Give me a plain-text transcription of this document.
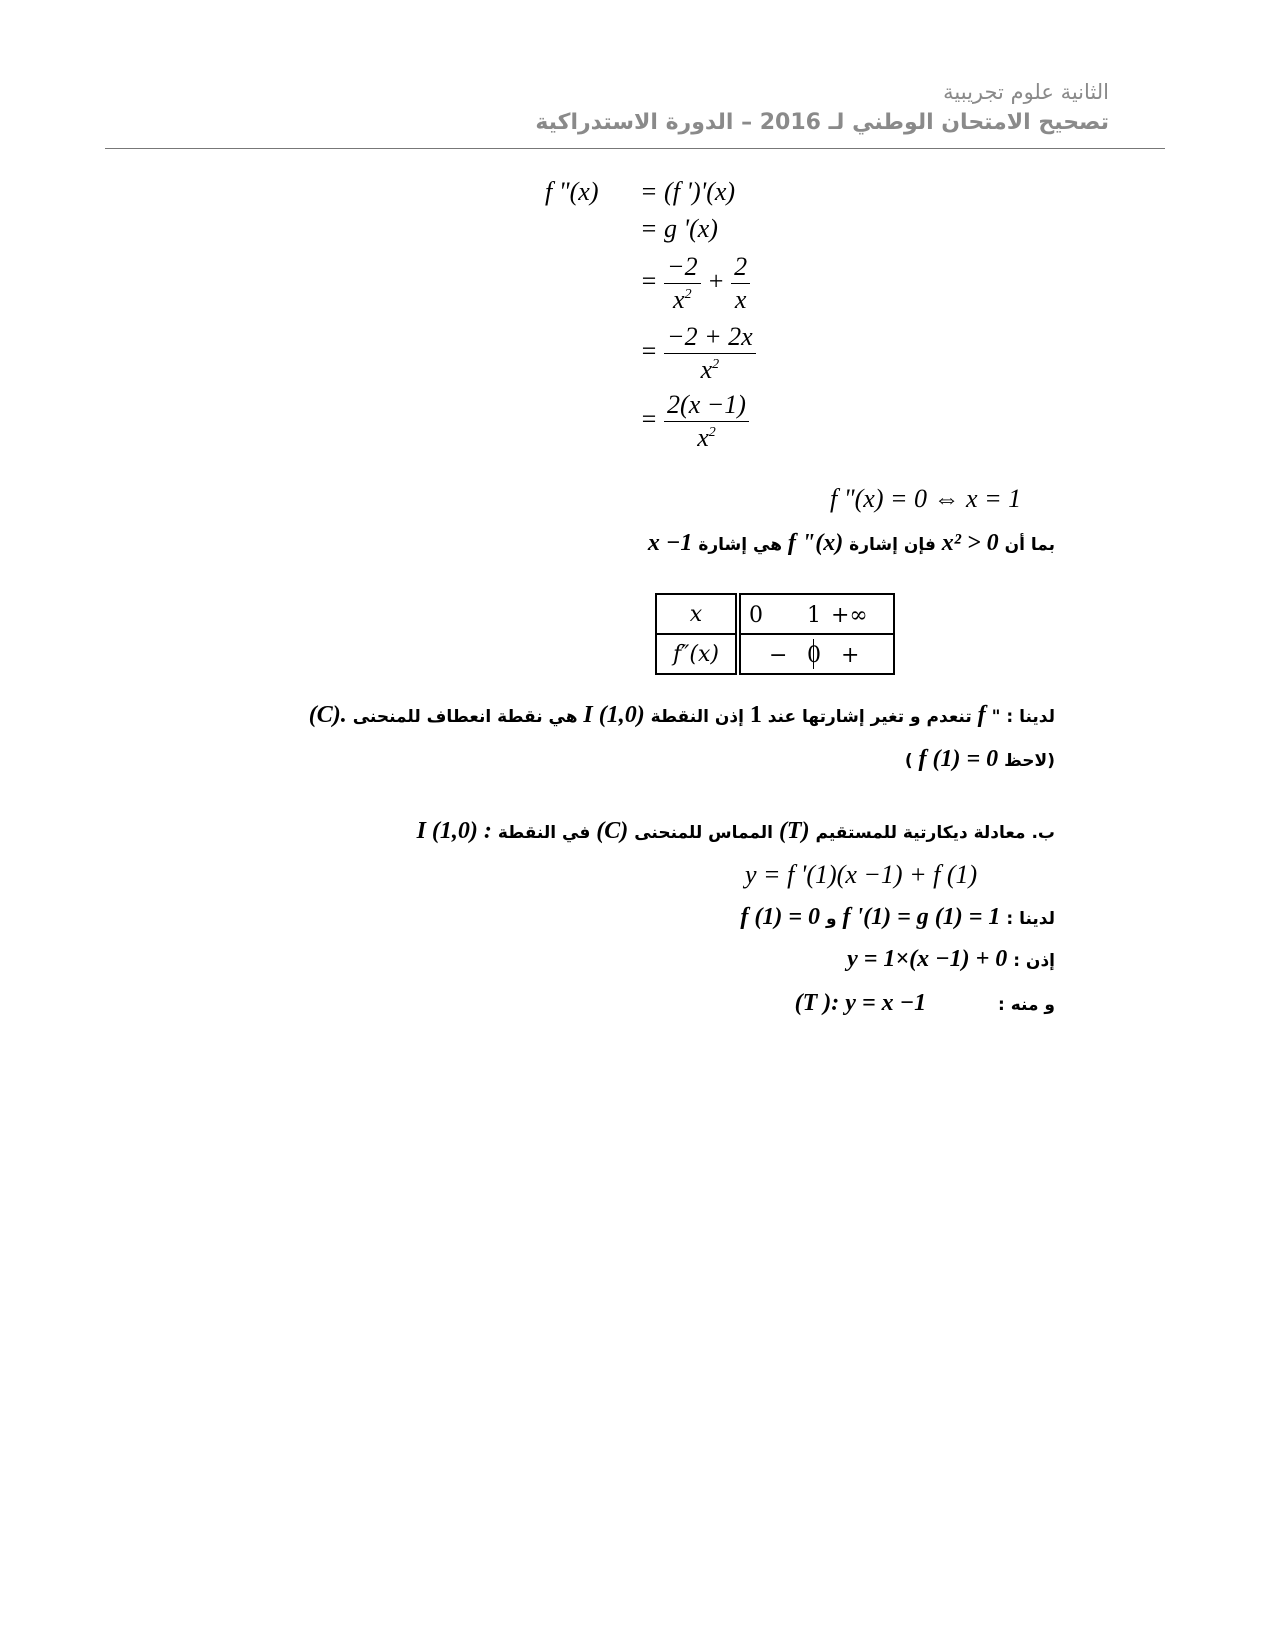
الثانية علوم تجريبية
تصحيح الامتحان الوطني لـ 2016 – الدورة الاستدراكية
f "(x) = (f ')'(x)
= g '(x)
= $\frac{-2}{x^2} + \frac{2}{x}$
= $\frac{-2 + 2x}{x^2}$
= $\frac{2(x -1)}{x^2}$
f "(x) = 0 ⇔ x = 1
بما أن x² > 0 فإن إشارة f "(x) هي إشارة x −1
x	0 1 +∞

f″(x)	− 0 +
لدينا : " f تنعدم و تغير إشارتها عند 1 إذن النقطة I (1,0) هي نقطة انعطاف للمنحنى (C).
(لاحظ f (1) = 0 )
ب. معادلة ديكارتية للمستقيم (T) المماس للمنحنى (C) في النقطة I (1,0) :
y = f '(1)(x −1) + f (1)
لدينا : f '(1) = g (1) = 1 و f (1) = 0
إذن : y = 1×(x −1) + 0
و منه :  (T ): y = x −1
